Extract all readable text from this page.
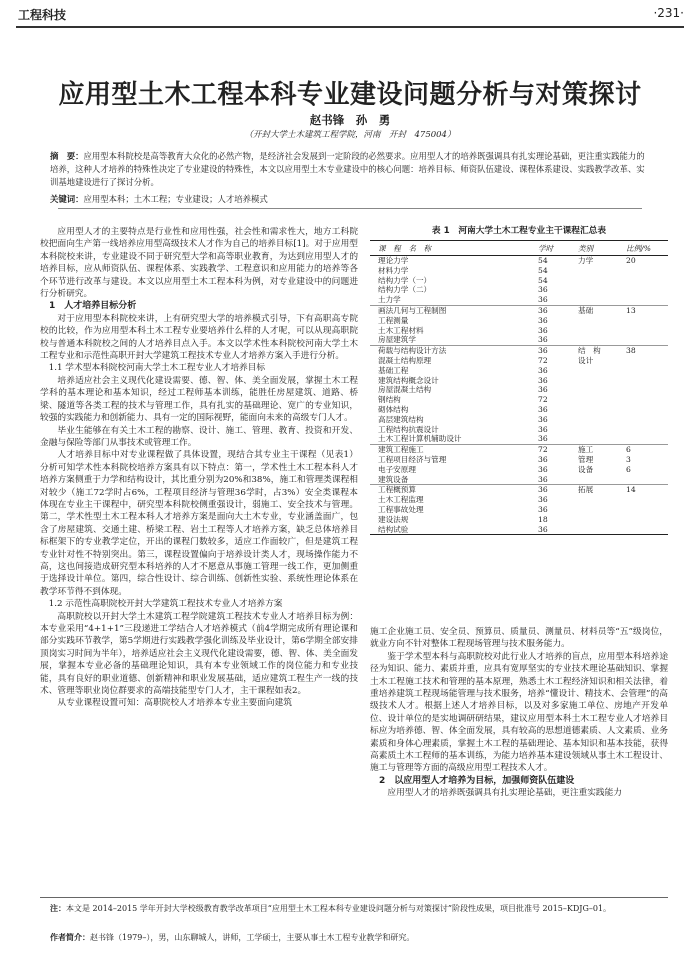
工程科技	·231·
应用型土木工程本科专业建设问题分析与对策探讨
赵书锋　孙　勇
（开封大学土木建筑工程学院，河南　开封　475004）
摘　要：应用型本科院校是高等教育大众化的必然产物，是经济社会发展到一定阶段的必然要求。应用型人才的培养既强调具有扎实理论基础，更注重实践能力的培养，这种人才培养的特殊性决定了专业建设的特殊性，本文以应用型土木专业建设中的核心问题：培养目标、师资队伍建设、课程体系建设、实践教学改革、实训基地建设进行了探讨分析。
关键词：应用型本科；土木工程；专业建设；人才培养模式

应用型人才的主要特点是行业性和应用性强，社会性和需求性大，地方工科院校把面向生产第一线培养应用型高级技术人才作为自己的培养目标[1]。对于应用型本科院校来讲，专业建设不同于研究型大学和高等职业教育，为达到应用型人才的培养目标，应从师资队伍、课程体系、实践教学、工程意识和应用能力的培养等各个环节进行改革与建设。本文以应用型土木工程本科为例，对专业建设中的问题进行分析研究。

1　人才培养目标分析

对于应用型本科院校来讲，上有研究型大学的培养模式引导，下有高职高专院校的比较，作为应用型本科土木工程专业要培养什么样的人才呢，可以从现高职院校与普通本科院校之间的人才培养目点入手。本文以学术性本科院校河南大学土木工程专业和示范性高职开封大学建筑工程技术专业人才培养方案入手进行分析。

1.1 学术型本科院校河南大学土木工程专业人才培养目标

培养适应社会主义现代化建设需要、德、智、体、美全面发展，掌握土木工程学科的基本理论和基本知识，经过工程师基本训练，能胜任房屋建筑、道路、桥梁、隧道等各类工程的技术与管理工作，具有扎实的基础理论、宽广的专业知识，较强的实践能力和创新能力、具有一定的国际视野，能面向未来的高级专门人才。

毕业生能够在有关土木工程的勘察、设计、施工、管理、教育、投资和开发、金融与保险等部门从事技术或管理工作。

人才培养目标中对专业课程做了具体设置，现结合其专业主干课程（见表1）分析可知学术性本科院校培养方案具有以下特点：第一，学术性土木工程本科人才培养方案侧重于力学和结构设计，其比重分别为20%和38%，施工和管理类课程相对较少（施工72学时占6%，工程项目经济与管理36学时，占3%）安全类课程本体现在专业主干课程中，研究型本科院校侧重强设计，弱施工、安全技术与管理。第二，学术性型土木工程本科人才培养方案是面向大土木专业，专业涵盖面广，包含了房屋建筑、交通土建、桥梁工程、岩土工程等人才培养方案，缺乏总体培养目标框架下的专业教学定位，开出的课程门数较多，适应工作面较广，但是建筑工程专业针对性不特别突出。第三，课程设置偏向于培养设计类人才，现场操作能力不高，这也间接造成研究型本科培养的人才不愿意从事施工管理一线工作，更加侧重于选择设计单位。第四，综合性设计、综合训练、创新性实验、系统性理论体系在教学环节得不到体现。

1.2 示范性高职院校开封大学建筑工程技术专业人才培养方案

高职院校以开封大学土木建筑工程学院建筑工程技术专业人才培养目标为例：本专业采用“4+1+1”三段递进工学结合人才培养模式（前4学期完成所有理论课和部分实践环节教学，第5学期进行实践教学强化训练及毕业设计，第6学期全部安排顶岗实习时间为半年），培养适应社会主义现代化建设需要，德、智、体、美全面发展，掌握本专业必备的基础理论知识，具有本专业领域工作的岗位能力和专业技能，具有良好的职业道德、创新精神和职业发展基础，适应建筑工程生产一线的技术、管理等职业岗位群要求的高端技能型专门人才，主干课程如表2。

从专业课程设置可知：高职院校人才培养本专业主要面向建筑

表 1　河南大学土木工程专业主干课程汇总表
课　程　名　称	学时	类别	比例/%
理论力学	54	力学	20
材料力学	54		
结构力学（一）	54		
结构力学（二）	36		
土力学	36		
画法几何与工程制图	36	基础	13
工程测量	36		
土木工程材料	36		
房屋建筑学	36		
荷载与结构设计方法	36	结　构	38
混凝土结构原理	72	设计	
基础工程	36		
建筑结构概念设计	36		
房屋混凝土结构	36		
钢结构	72		
砌体结构	36		
高层建筑结构	36		
工程结构抗震设计	36		
土木工程计算机辅助设计	36		
建筑工程施工	72	施工	6
工程项目经济与管理	36	管理	3
电子安原理	36	设备	6
建筑设备	36		
工程概预算	36	拓展	14
土木工程监理	36		
工程事故处理	36		
建设法规	18		
结构试验	36		

施工企业施工员、安全员、预算员、质量员、测量员、材料员等“五”级岗位，就业方向不针对整体工程现场管理与技术服务能力。

鉴于学术型本科与高职院校对此行业人才培养的盲点，应用型本科培养途径为知识、能力、素质并重，应具有宽厚坚实的专业技术理论基础知识、掌握土木工程施工技术和管理的基本原理，熟悉土木工程经济知识和相关法律，着重培养建筑工程现场能管理与技术服务，培养“懂设计、精技术、会管理”的高级技术人才。根据上述人才培养目标，以及对多家施工单位、房地产开发单位、设计单位的是实地调研研结果，建议应用型本科土木工程专业人才培养目标应为培养德、智、体全面发展，具有较高的思想道德素质、人文素质、业务素质和身体心理素质，掌握土木工程的基础理论、基本知识和基本技能，获得高素质土木工程师的基本训练，为能力培养基本建设领域从事土木工程设计、施工与管理等方面的高级应用型工程技术人才。

2　以应用型人才培养为目标，加强师资队伍建设

应用型人才的培养既强调具有扎实理论基础，更注重实践能力

注：本文是 2014–2015 学年开封大学校级教育教学改革项目“应用型土木工程本科专业建设问题分析与对策探讨”阶段性成果，项目批准号 2015–KDJG–01。
作者简介：赵书锋（1979–），男，山东聊城人，讲师，工学硕士，主要从事土木工程专业教学和研究。
